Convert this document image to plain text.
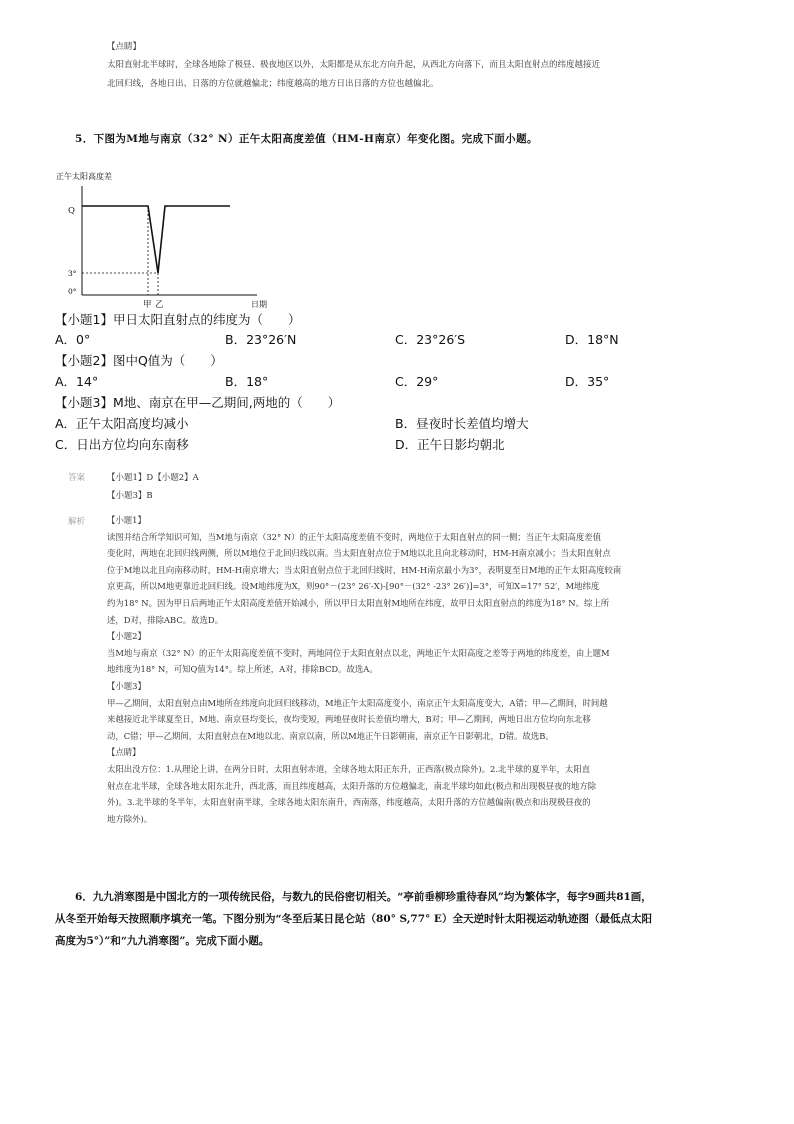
【点睛】
太阳直射北半球时，全球各地除了极昼、极夜地区以外，太阳都是从东北方向升起，从西北方向落下，而且太阳直射点的纬度越接近
北回归线，各地日出、日落的方位就越偏北；纬度越高的地方日出日落的方位也越偏北。
5．下图为M地与南京（32° N）正午太阳高度差值（HM-H南京）年变化图。完成下面小题。
正午太阳高度差
Q
3°
0°
甲 乙	日期
【小题1】甲日太阳直射点的纬度为（　　）
A．0°	B．23°26′N	C．23°26′S	D．18°N
【小题2】图中Q值为（　　）
A．14°	B．18°	C．29°	D．35°
【小题3】M地、南京在甲—乙期间,两地的（　　）
A．正午太阳高度均减小	B．昼夜时长差值均增大
C．日出方位均向东南移	D．正午日影均朝北
答案	【小题1】D【小题2】A
【小题3】B
解析	【小题1】
读图并结合所学知识可知，当M地与南京（32° N）的正午太阳高度差值不变时，两地位于太阳直射点的同一侧；当正午太阳高度差值
变化时，两地在北回归线两侧，所以M地位于北回归线以南。当太阳直射点位于M地以北且向北移动时，HM-H南京减小；当太阳直射点
位于M地以北且向南移动时，HM-H南京增大；当太阳直射点位于北回归线时，HM-H南京最小为3°，表明夏至日M地的正午太阳高度较南
京更高，所以M地更靠近北回归线。设M地纬度为X，则90°－(23° 26′-X)-[90°－(32° -23° 26′)]=3°，可知X=17° 52′，M地纬度
约为18° N。因为甲日后两地正午太阳高度差值开始减小，所以甲日太阳直射M地所在纬度，故甲日太阳直射点的纬度为18° N。综上所
述，D对，排除ABC。故选D。
【小题2】
当M地与南京（32° N）的正午太阳高度差值不变时，两地同位于太阳直射点以北，两地正午太阳高度之差等于两地的纬度差，由上题M
地纬度为18° N，可知Q值为14°。综上所述，A对，排除BCD。故选A。
【小题3】
甲—乙期间，太阳直射点由M地所在纬度向北回归线移动，M地正午太阳高度变小，南京正午太阳高度变大，A错；甲—乙期间，时间越
来越接近北半球夏至日，M地、南京昼均变长，夜均变短，两地昼夜时长差值均增大，B对；甲—乙期间，两地日出方位均向东北移
动，C错；甲—乙期间，太阳直射点在M地以北、南京以南，所以M地正午日影朝南，南京正午日影朝北，D错。故选B。
【点睛】
太阳出没方位：1.从理论上讲，在两分日时，太阳直射赤道，全球各地太阳正东升，正西落(极点除外)。2.北半球的夏半年，太阳直
射点在北半球，全球各地太阳东北升，西北落，而且纬度越高，太阳升落的方位越偏北，南北半球均如此(极点和出现极昼夜的地方除
外)。3.北半球的冬半年，太阳直射南半球，全球各地太阳东南升，西南落，纬度越高，太阳升落的方位越偏南(极点和出现极昼夜的
地方除外)。
6．九九消寒图是中国北方的一项传统民俗，与数九的民俗密切相关。“亭前垂柳珍重待春风”均为繁体字，每字9画共81画，
从冬至开始每天按照顺序填充一笔。下图分别为“冬至后某日昆仑站（80° S,77° E）全天逆时针太阳视运动轨迹图（最低点太阳
高度为5°）”和“九九消寒图”。完成下面小题。
